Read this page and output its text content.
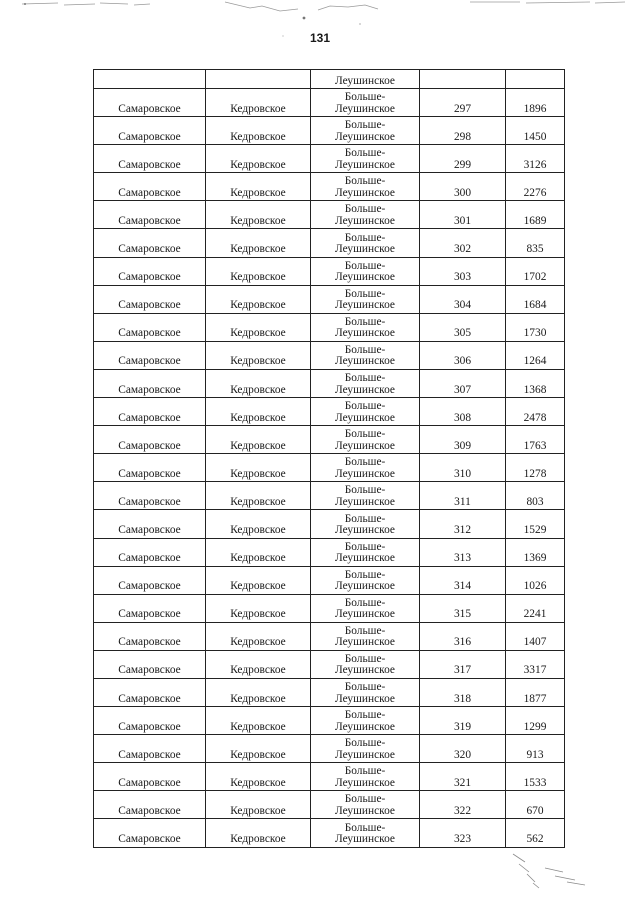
131

		Леушинское		

Самаровское	Кедровское	Больше-
Леушинское	297	1896
Самаровское	Кедровское	Больше-
Леушинское	298	1450
Самаровское	Кедровское	Больше-
Леушинское	299	3126
Самаровское	Кедровское	Больше-
Леушинское	300	2276
Самаровское	Кедровское	Больше-
Леушинское	301	1689
Самаровское	Кедровское	Больше-
Леушинское	302	835
Самаровское	Кедровское	Больше-
Леушинское	303	1702
Самаровское	Кедровское	Больше-
Леушинское	304	1684
Самаровское	Кедровское	Больше-
Леушинское	305	1730
Самаровское	Кедровское	Больше-
Леушинское	306	1264
Самаровское	Кедровское	Больше-
Леушинское	307	1368
Самаровское	Кедровское	Больше-
Леушинское	308	2478
Самаровское	Кедровское	Больше-
Леушинское	309	1763
Самаровское	Кедровское	Больше-
Леушинское	310	1278
Самаровское	Кедровское	Больше-
Леушинское	311	803
Самаровское	Кедровское	Больше-
Леушинское	312	1529
Самаровское	Кедровское	Больше-
Леушинское	313	1369
Самаровское	Кедровское	Больше-
Леушинское	314	1026
Самаровское	Кедровское	Больше-
Леушинское	315	2241
Самаровское	Кедровское	Больше-
Леушинское	316	1407
Самаровское	Кедровское	Больше-
Леушинское	317	3317
Самаровское	Кедровское	Больше-
Леушинское	318	1877
Самаровское	Кедровское	Больше-
Леушинское	319	1299
Самаровское	Кедровское	Больше-
Леушинское	320	913
Самаровское	Кедровское	Больше-
Леушинское	321	1533
Самаровское	Кедровское	Больше-
Леушинское	322	670
Самаровское	Кедровское	Больше-
Леушинское	323	562
